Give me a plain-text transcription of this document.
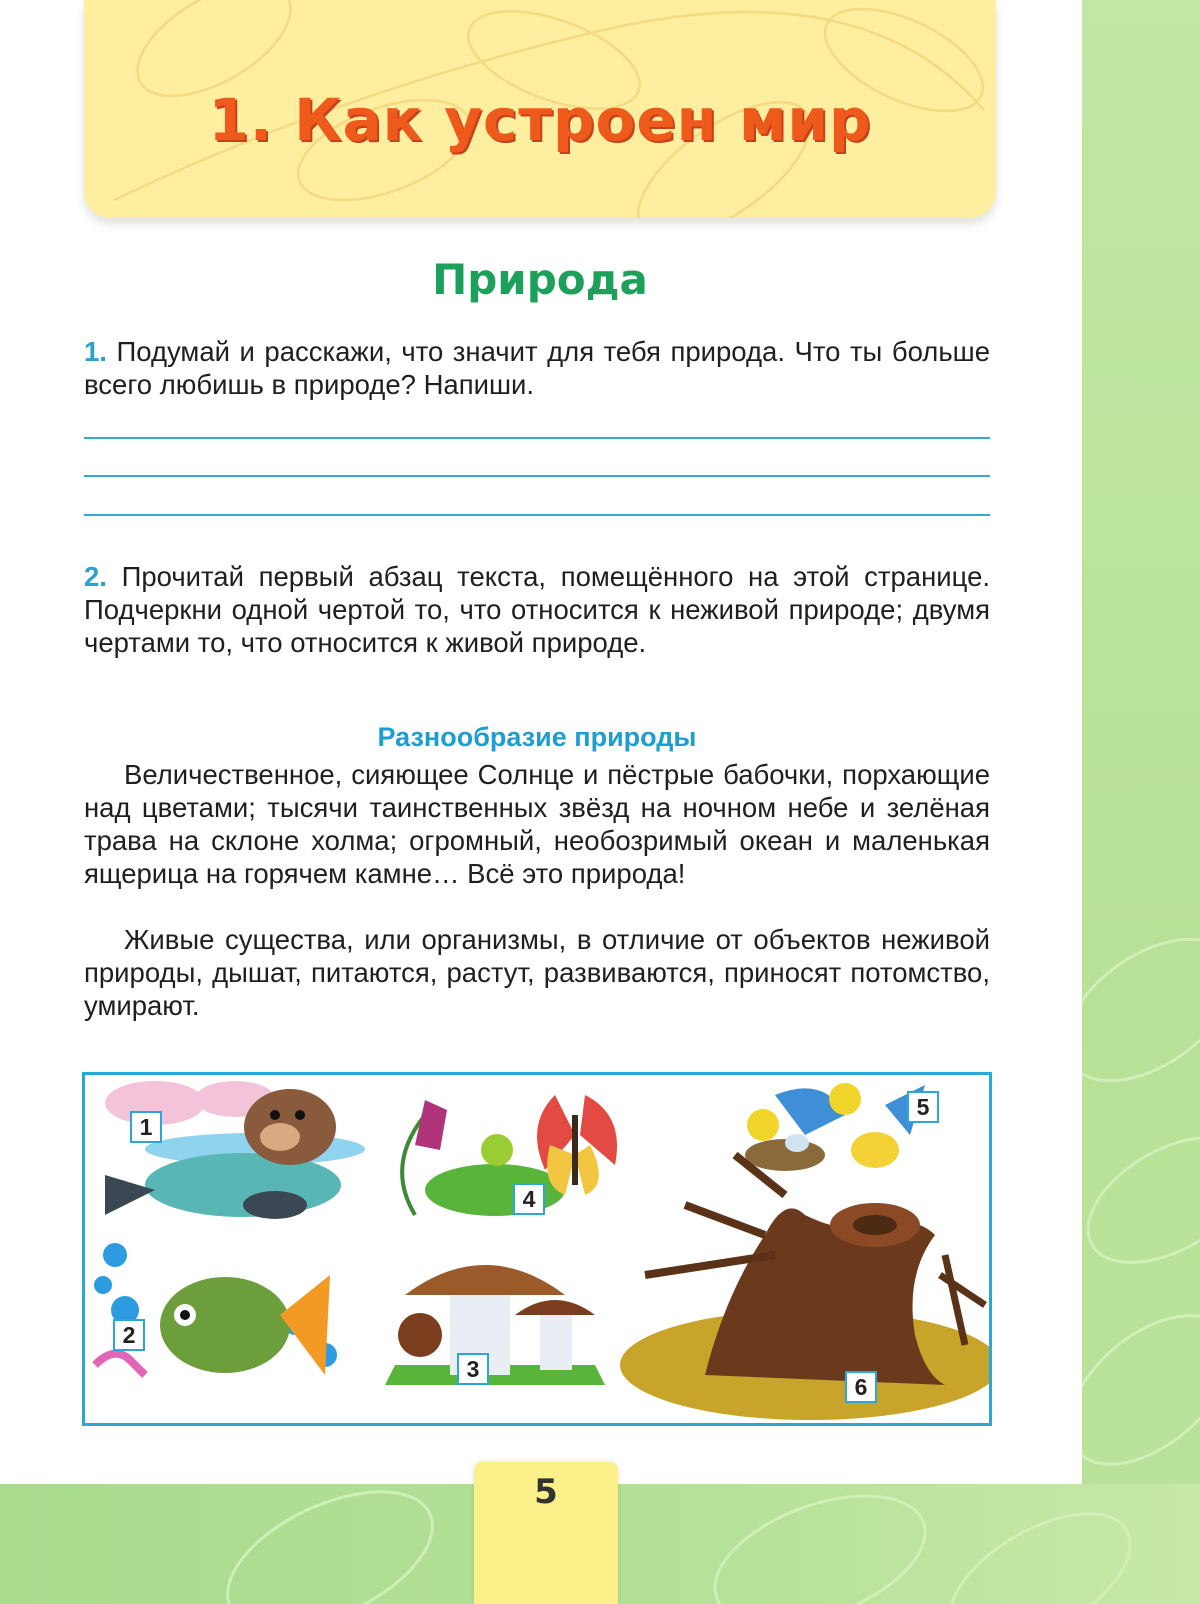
1. Как устроен мир
Природа
1. Подумай и расскажи, что значит для тебя природа. Что ты больше всего любишь в природе? Напиши.
2. Прочитай первый абзац текста, помещённого на этой странице. Подчеркни одной чертой то, что относится к неживой природе; двумя чертами то, что относится к живой природе.
Разнообразие природы
Величественное, сияющее Солнце и пёстрые бабочки, порхающие над цветами; тысячи таинственных звёзд на ночном небе и зелёная трава на склоне холма; огромный, необозримый океан и маленькая ящерица на горячем камне… Всё это природа!
Живые существа, или организмы, в отличие от объектов неживой природы, дышат, питаются, растут, развиваются, приносят потомство, умирают.
1
2
3
4
5
6
5
